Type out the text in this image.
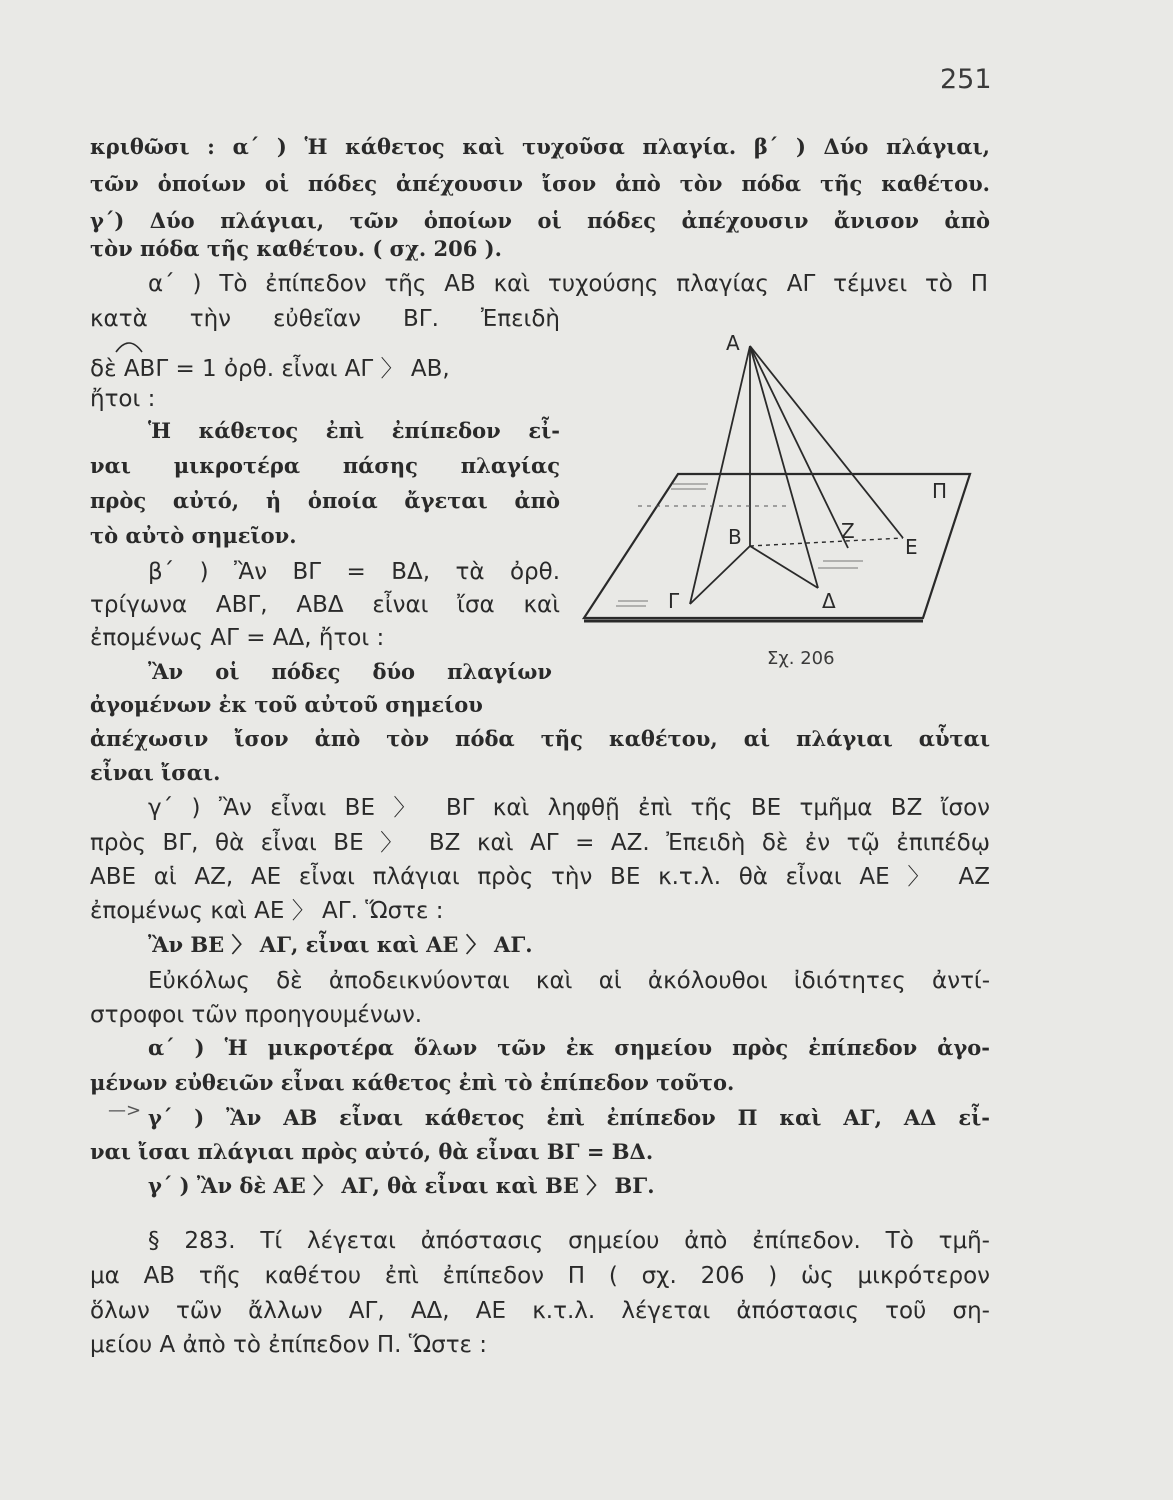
251
κριθῶσι : α΄ ) Ἡ κάθετος καὶ τυχοῦσα πλαγία. β΄ ) Δύο πλάγιαι,
τῶν ὁποίων οἱ πόδες ἀπέχουσιν ἴσον ἀπὸ τὸν πόδα τῆς καθέτου.
γ΄) Δύο πλάγιαι, τῶν ὁποίων οἱ πόδες ἀπέχουσιν ἄνισον ἀπὸ
τὸν πόδα τῆς καθέτου. ( σχ. 206 ).
α΄ ) Τὸ ἐπίπεδον τῆς ΑΒ καὶ τυχούσης πλαγίας ΑΓ τέμνει τὸ Π
κατὰ τὴν εὐθεῖαν ΒΓ. Ἐπειδὴ
δὲ ΑΒΓ = 1 ὀρθ. εἶναι ΑΓ 〉 ΑΒ,
ἤτοι :
Ἡ κάθετος ἐπὶ ἐπίπεδον εἶ-
ναι μικροτέρα πάσης πλαγίας
πρὸς αὐτό, ἡ ὁποία ἄγεται ἀπὸ
τὸ αὐτὸ σημεῖον.
β΄ ) Ἂν ΒΓ = ΒΔ, τὰ ὀρθ.
τρίγωνα ΑΒΓ, ΑΒΔ εἶναι ἴσα καὶ
ἐπομένως ΑΓ = ΑΔ, ἤτοι :
Ἂν οἱ πόδες δύο πλαγίων
ἀγομένων ἐκ τοῦ αὐτοῦ σημείου
ἀπέχωσιν ἴσον ἀπὸ τὸν πόδα τῆς καθέτου, αἱ πλάγιαι αὗται
εἶναι ἴσαι.
γ΄ ) Ἂν εἶναι ΒΕ 〉 ΒΓ καὶ ληφθῇ ἐπὶ τῆς ΒΕ τμῆμα ΒΖ ἴσον
πρὸς ΒΓ, θὰ εἶναι ΒΕ 〉 ΒΖ καὶ ΑΓ = ΑΖ. Ἐπειδὴ δὲ ἐν τῷ ἐπιπέδῳ
ΑΒΕ αἱ ΑΖ, ΑΕ εἶναι πλάγιαι πρὸς τὴν ΒΕ κ.τ.λ. θὰ εἶναι ΑΕ 〉 ΑΖ
ἐπομένως καὶ ΑΕ 〉 ΑΓ. Ὥστε :
Ἂν ΒΕ 〉 ΑΓ, εἶναι καὶ ΑΕ 〉 ΑΓ.
Εὐκόλως δὲ ἀποδεικνύονται καὶ αἱ ἀκόλουθοι ἰδιότητες ἀντί-
στροφοι τῶν προηγουμένων.
α΄ ) Ἡ μικροτέρα ὅλων τῶν ἐκ σημείου πρὸς ἐπίπεδον ἀγο-
μένων εὐθειῶν εἶναι κάθετος ἐπὶ τὸ ἐπίπεδον τοῦτο.
—> γ΄ ) Ἂν ΑΒ εἶναι κάθετος ἐπὶ ἐπίπεδον Π καὶ ΑΓ, ΑΔ εἶ-
ναι ἴσαι πλάγιαι πρὸς αὐτό, θὰ εἶναι ΒΓ = ΒΔ.
γ΄ ) Ἂν δὲ ΑΕ 〉 ΑΓ, θὰ εἶναι καὶ ΒΕ 〉 ΒΓ.
§ 283. Τί λέγεται ἀπόστασις σημείου ἀπὸ ἐπίπεδον. Τὸ τμῆ-
μα ΑΒ τῆς καθέτου ἐπὶ ἐπίπεδον Π ( σχ. 206 ) ὡς μικρότερον
ὅλων τῶν ἄλλων ΑΓ, ΑΔ, ΑΕ κ.τ.λ. λέγεται ἀπόστασις τοῦ ση-
μείου Α ἀπὸ τὸ ἐπίπεδον Π. Ὥστε :
Α
Β
Γ	Δ
Ζ
Ε
Π
Σχ. 206
